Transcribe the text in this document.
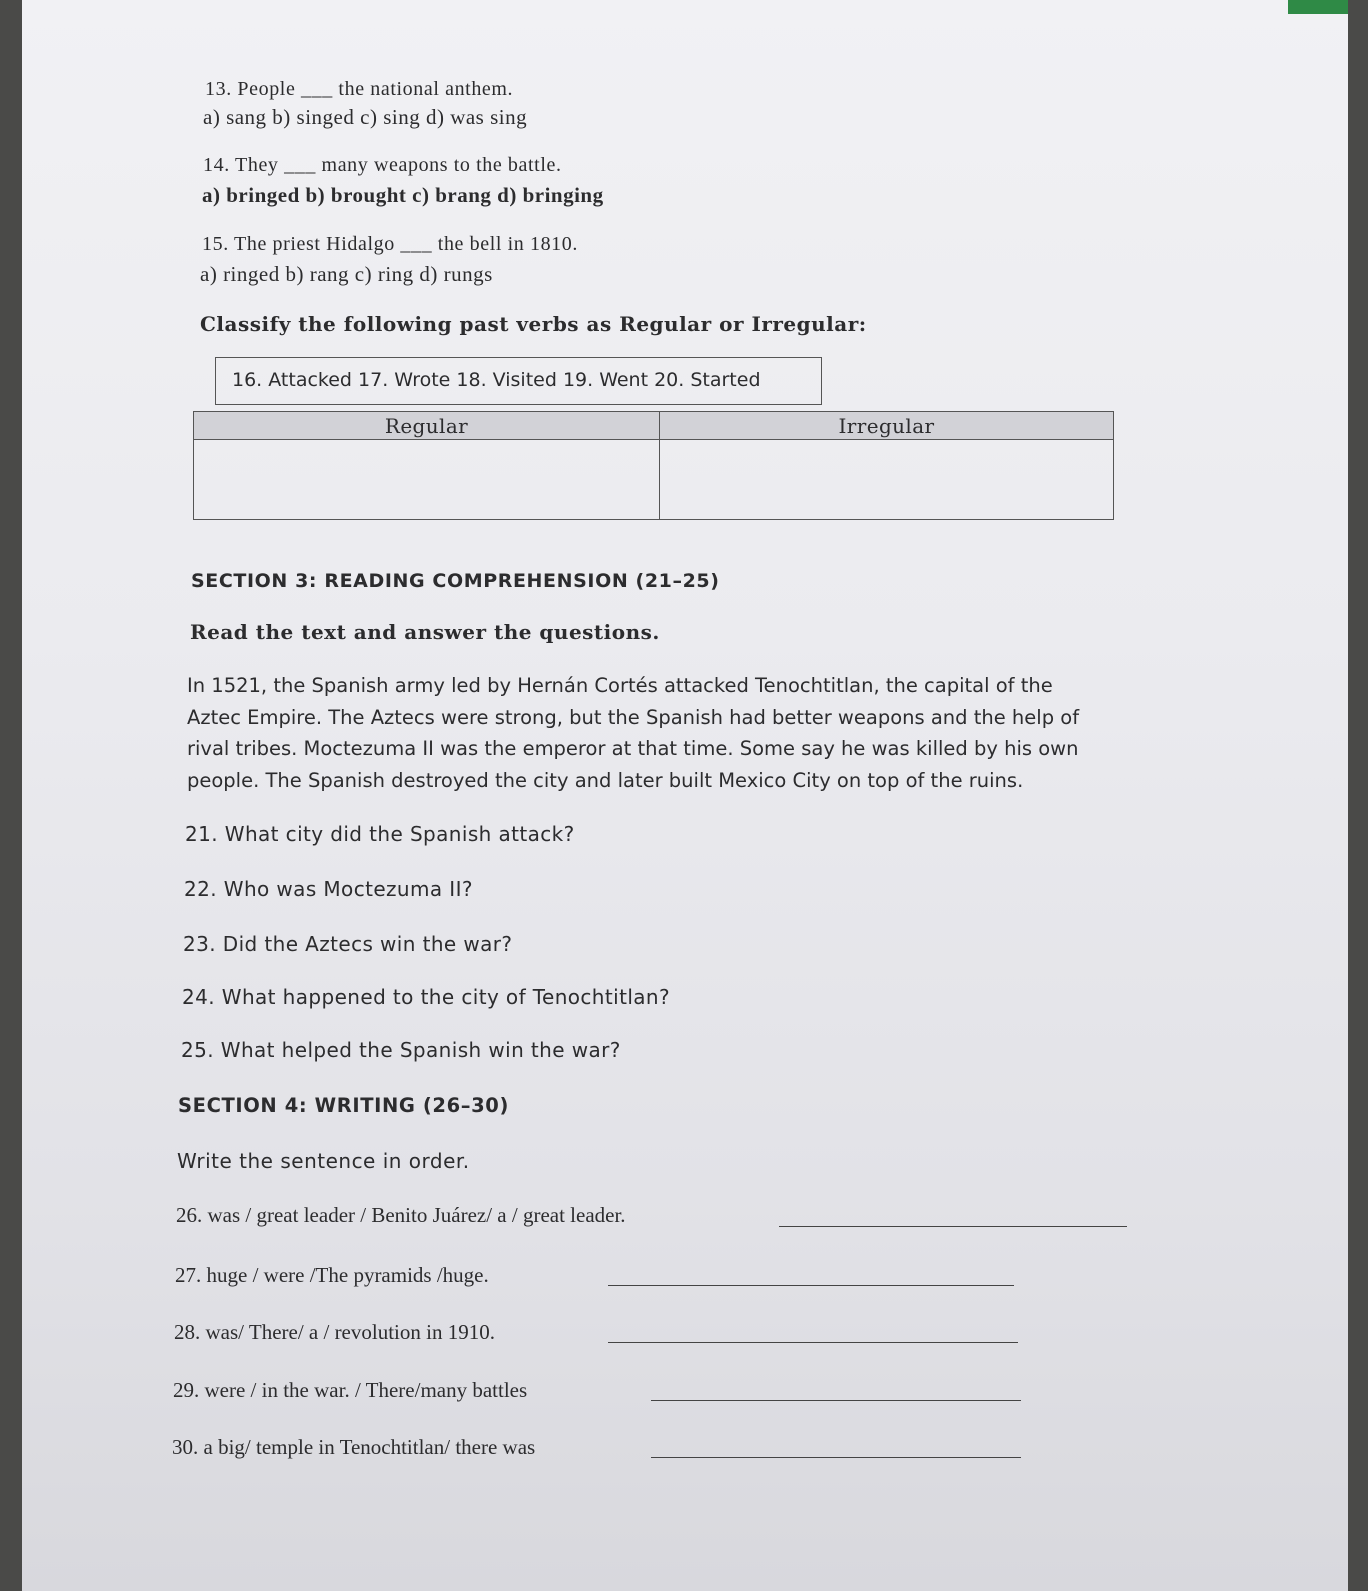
13. People ___ the national anthem.
a) sang b) singed c) sing d) was sing
14. They ___ many weapons to the battle.
a) bringed b) brought c) brang d) bringing
15. The priest Hidalgo ___ the bell in 1810.
a) ringed b) rang c) ring d) rungs
Classify the following past verbs as Regular or Irregular:
16. Attacked 17. Wrote 18. Visited 19. Went 20. Started
Regular	Irregular

SECTION 3: READING COMPREHENSION (21–25)
Read the text and answer the questions.
In 1521, the Spanish army led by Hernán Cortés attacked Tenochtitlan, the capital of the
Aztec Empire. The Aztecs were strong, but the Spanish had better weapons and the help of
rival tribes. Moctezuma II was the emperor at that time. Some say he was killed by his own
people. The Spanish destroyed the city and later built Mexico City on top of the ruins.
21. What city did the Spanish attack?
22. Who was Moctezuma II?
23. Did the Aztecs win the war?
24. What happened to the city of Tenochtitlan?
25. What helped the Spanish win the war?
SECTION 4: WRITING (26–30)
Write the sentence in order.
26. was / great leader / Benito Juárez/ a / great leader.
27. huge / were /The pyramids /huge.
28. was/ There/ a / revolution in 1910.
29. were / in the war. / There/many battles
30. a big/ temple in Tenochtitlan/ there was
